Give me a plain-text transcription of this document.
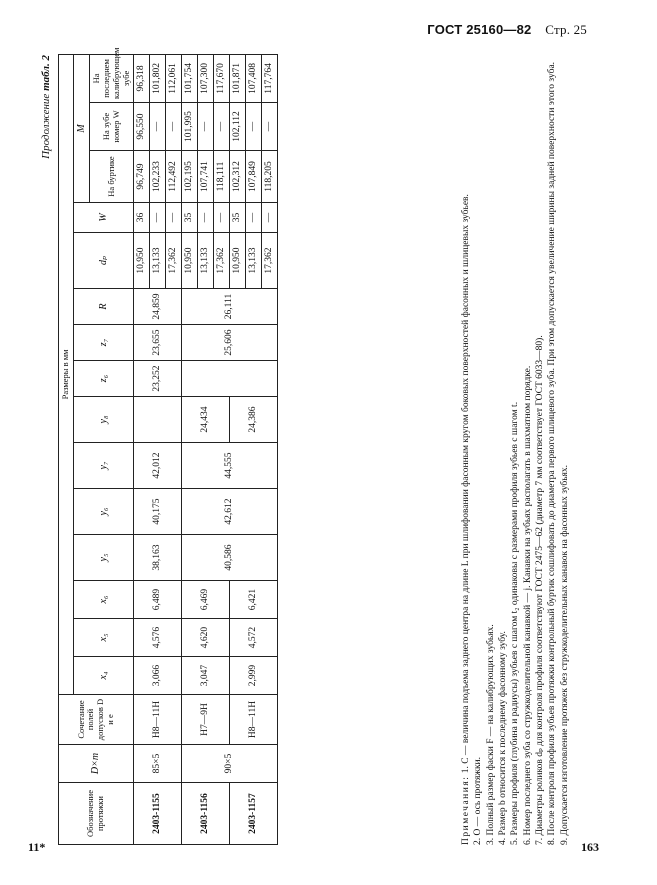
ГОСТ 25160—82 Стр. 25
Продолжение табл. 2
Обозначение протяжки	D×m	Сочетание полей допусков D и e	Размеры в мм														
			x₄	x₅	x₆	y₅	y₆	y₇	y₈	z₆	z₇	R	dₚ	W	M		
															На буртике	На зубе номер W	На последнем калибрующем зубе
2403-1155	85×5	H8—11H	3,066	4,576	6,489	38,163	40,175	42,012		23,252	23,655	24,859	10,950	36	96,749	96,550	96,318
													13,133	—	102,233	—	101,802
													17,362	—	112,492	—	112,061
2403-1156	90×5	H7—9H	3,047	4,620	6,469	40,586	42,612	44,555	24,434		25,606	26,111	10,950	35	102,195	101,995	101,754
													13,133	—	107,741	—	107,300
													17,362	—	118,111	—	117,670
2403-1157		H8—11H	2,999	4,572	6,421				24,386				10,950	35	102,312	102,112	101,871
													13,133	—	107,849	—	107,408
													17,362	—	118,205	—	117,764

Примечания: 1. C — величина подъема заднего центра на длине L при шлифовании фасонным кругом боковых поверхностей фасонных и шлицевых зубьев.

2. O — ось протяжки. 3. Полный размер фаски F — на калибрующих зубьях. 4. Размер b относится к последнему фасонному зубу. 5. Размеры профиля (глубина и радиусы) зубьев с шагом t₂ одинаковы с размерами профиля зубьев с шагом t. 6. Номер последнего зуба со стружкоделительной канавкой — j. Канавки на зубьях располагать в шахматном порядке. 7. Диаметры роликов dₚ для контроля профиля соответствуют ГОСТ 2475—62 (диаметр 7 мм соответствует ГОСТ 6033—80). 8. После контроля профиля зубьев протяжки контрольный буртик сошлифовать до диаметра первого шлицевого зуба. При этом допускается увеличение ширины задней поверхности этого зуба. 9. Допускается изготовление протяжек без стружкоделительных канавок на фасонных зубьях.

11*	163
